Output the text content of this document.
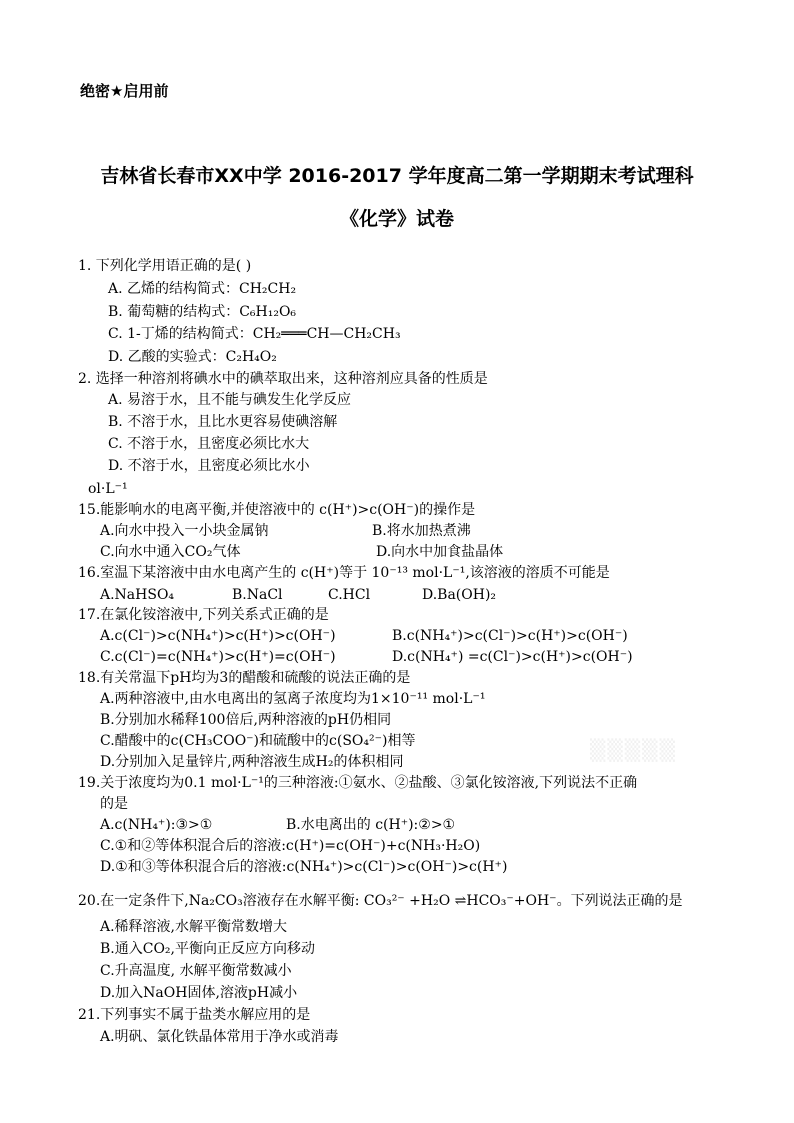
绝密★启用前
吉林省长春市XX中学 2016-2017 学年度高二第一学期期末考试理科
《化学》试卷
1. 下列化学用语正确的是( )
A. 乙烯的结构简式：CH₂CH₂
B. 葡萄糖的结构式：C₆H₁₂O₆
C. 1-丁烯的结构简式：CH₂═══CH—CH₂CH₃
D. 乙酸的实验式：C₂H₄O₂
2. 选择一种溶剂将碘水中的碘萃取出来，这种溶剂应具备的性质是
A. 易溶于水，且不能与碘发生化学反应
B. 不溶于水，且比水更容易使碘溶解
C. 不溶于水，且密度必须比水大
D. 不溶于水，且密度必须比水小
ol·L⁻¹
15.能影响水的电离平衡,并使溶液中的 c(H⁺)>c(OH⁻)的操作是
A.向水中投入一小块金属钠	B.将水加热煮沸
C.向水中通入CO₂气体	D.向水中加食盐晶体
16.室温下某溶液中由水电离产生的 c(H⁺)等于 10⁻¹³ mol·L⁻¹,该溶液的溶质不可能是
A.NaHSO₄	B.NaCl	C.HCl	D.Ba(OH)₂
17.在氯化铵溶液中,下列关系式正确的是
A.c(Cl⁻)>c(NH₄⁺)>c(H⁺)>c(OH⁻)	B.c(NH₄⁺)>c(Cl⁻)>c(H⁺)>c(OH⁻)
C.c(Cl⁻)=c(NH₄⁺)>c(H⁺)=c(OH⁻)	D.c(NH₄⁺) =c(Cl⁻)>c(H⁺)>c(OH⁻)
18.有关常温下pH均为3的醋酸和硫酸的说法正确的是
A.两种溶液中,由水电离出的氢离子浓度均为1×10⁻¹¹ mol·L⁻¹
B.分别加水稀释100倍后,两种溶液的pH仍相同
C.醋酸中的c(CH₃COO⁻)和硫酸中的c(SO₄²⁻)相等
D.分别加入足量锌片,两种溶液生成H₂的体积相同	▒▒▒▒▒
19.关于浓度均为0.1 mol·L⁻¹的三种溶液:①氨水、②盐酸、③氯化铵溶液,下列说法不正确
的是
A.c(NH₄⁺):③>①	B.水电离出的 c(H⁺):②>①
C.①和②等体积混合后的溶液:c(H⁺)=c(OH⁻)+c(NH₃·H₂O)
D.①和③等体积混合后的溶液:c(NH₄⁺)>c(Cl⁻)>c(OH⁻)>c(H⁺)
20.在一定条件下,Na₂CO₃溶液存在水解平衡: CO₃²⁻ +H₂O ⇌HCO₃⁻+OH⁻。下列说法正确的是
A.稀释溶液,水解平衡常数增大
B.通入CO₂,平衡向正反应方向移动
C.升高温度, 水解平衡常数减小
D.加入NaOH固体,溶液pH减小
21.下列事实不属于盐类水解应用的是
A.明矾、氯化铁晶体常用于净水或消毒
